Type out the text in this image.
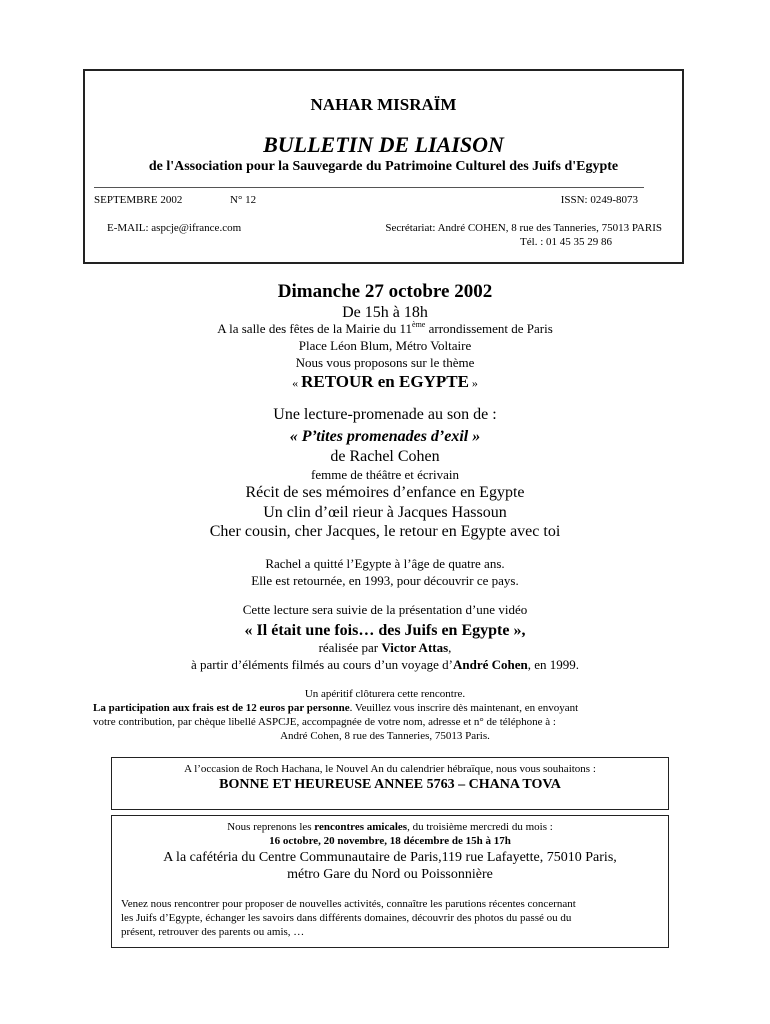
NAHAR MISRAÏM
BULLETIN DE LIAISON
de l'Association pour la Sauvegarde du Patrimoine Culturel des Juifs d'Egypte
SEPTEMBRE 2002	N° 12	ISSN: 0249-8073
E-MAIL: aspcje@ifrance.com	Secrétariat: André COHEN, 8 rue des Tanneries, 75013 PARIS
Tél. : 01 45 35 29 86
Dimanche 27 octobre 2002
De 15h à 18h
A la salle des fêtes de la Mairie du 11ème arrondissement de Paris
Place Léon Blum, Métro Voltaire
Nous vous proposons sur le thème
« RETOUR en EGYPTE »
Une lecture-promenade au son de :
« P’tites promenades d’exil »
de Rachel Cohen
femme de théâtre et écrivain
Récit de ses mémoires d’enfance en Egypte
Un clin d’œil rieur à Jacques Hassoun
Cher cousin, cher Jacques, le retour en Egypte avec toi
Rachel a quitté l’Egypte à l’âge de quatre ans.
Elle est retournée, en 1993, pour découvrir ce pays.
Cette lecture sera suivie de la présentation d’une vidéo
« Il était une fois… des Juifs en Egypte »,
réalisée par Victor Attas,
à partir d’éléments filmés au cours d’un voyage d’André Cohen, en 1999.
Un apéritif clôturera cette rencontre.
La participation aux frais est de 12 euros par personne. Veuillez vous inscrire dès maintenant, en envoyant
votre contribution, par chèque libellé ASPCJE, accompagnée de votre nom, adresse et n° de téléphone à :
André Cohen, 8 rue des Tanneries, 75013 Paris.
A l’occasion de Roch Hachana, le Nouvel An du calendrier hébraïque, nous vous souhaitons :
BONNE ET HEUREUSE ANNEE 5763 – CHANA TOVA
Nous reprenons les rencontres amicales, du troisième mercredi du mois :
16 octobre, 20 novembre, 18 décembre de 15h à 17h
A la cafétéria du Centre Communautaire de Paris,119 rue Lafayette, 75010 Paris,
métro Gare du Nord ou Poissonnière
Venez nous rencontrer pour proposer de nouvelles activités, connaître les parutions récentes concernant
les Juifs d’Egypte, échanger les savoirs dans différents domaines, découvrir des photos du passé ou du
présent, retrouver des parents ou amis, …
